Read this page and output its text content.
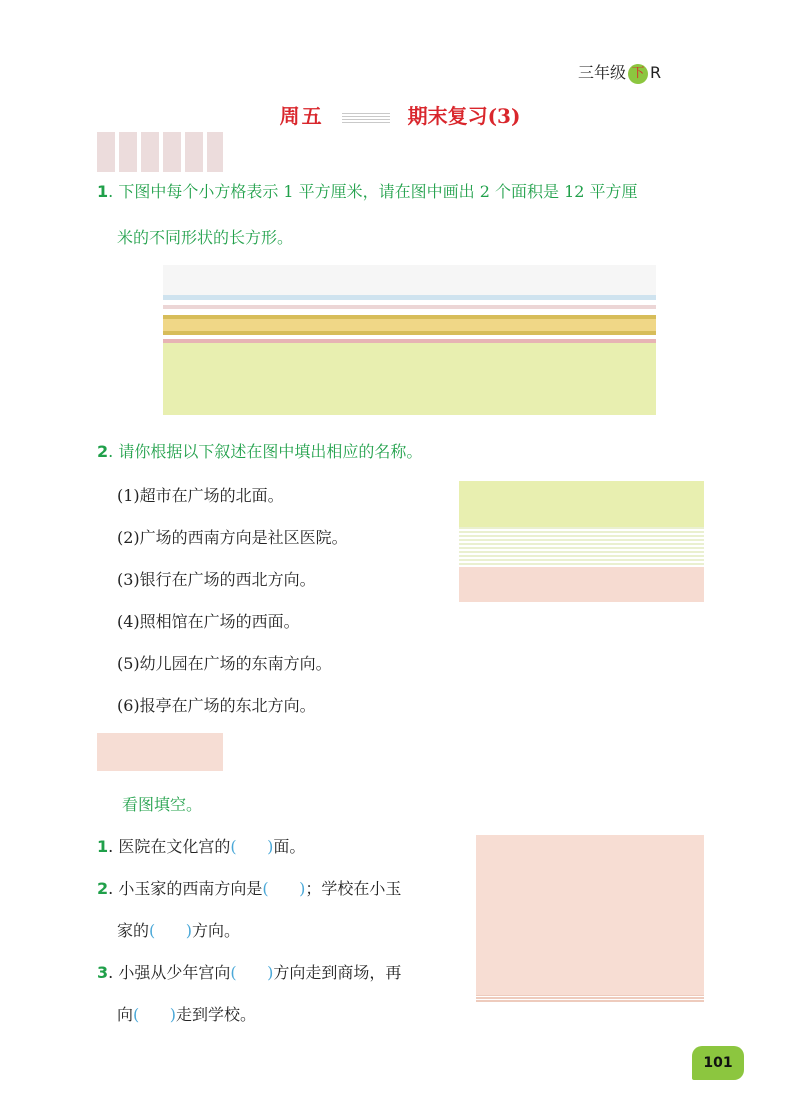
三年级 下 R
周五	期末复习(3)
1. 下图中每个小方格表示 1 平方厘米，请在图中画出 2 个面积是 12 平方厘
米的不同形状的长方形。
2. 请你根据以下叙述在图中填出相应的名称。
(1)超市在广场的北面。
(2)广场的西南方向是社区医院。
(3)银行在广场的西北方向。
(4)照相馆在广场的西面。
(5)幼儿园在广场的东南方向。
(6)报亭在广场的东北方向。
看图填空。
1. 医院在文化宫的( )面。
2. 小玉家的西南方向是( )；学校在小玉
家的( )方向。
3. 小强从少年宫向( )方向走到商场，再
向( )走到学校。
101
